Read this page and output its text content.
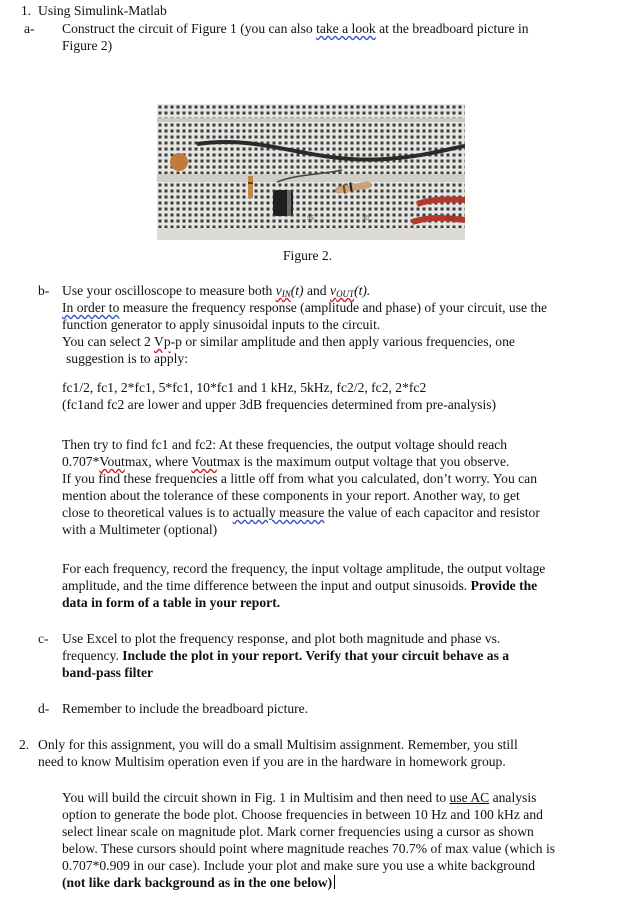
1. Using Simulink-Matlab
a- Construct the circuit of Figure 1 (you can also take a look at the breadboard picture in
Figure 2)
35	30	25
Figure 2.
b- Use your oscilloscope to measure both $v_{IN}(t)$ and $v_{OUT}(t)$.
In order to measure the frequency response (amplitude and phase) of your circuit, use the
function generator to apply sinusoidal inputs to the circuit.
You can select 2 Vp-p or similar amplitude and then apply various frequencies, one
suggestion is to apply:
fc1/2, fc1, 2*fc1, 5*fc1, 10*fc1 and 1 kHz, 5kHz, fc2/2, fc2, 2*fc2
(fc1and fc2 are lower and upper 3dB frequencies determined from pre-analysis)
Then try to find fc1 and fc2: At these frequencies, the output voltage should reach
0.707*Voutmax, where Voutmax is the maximum output voltage that you observe.
If you find these frequencies a little off from what you calculated, don’t worry. You can
mention about the tolerance of these components in your report. Another way, to get
close to theoretical values is to actually measure the value of each capacitor and resistor
with a Multimeter (optional)
For each frequency, record the frequency, the input voltage amplitude, the output voltage
amplitude, and the time difference between the input and output sinusoids. Provide the
data in form of a table in your report.
c- Use Excel to plot the frequency response, and plot both magnitude and phase vs.
frequency. Include the plot in your report. Verify that your circuit behave as a
band-pass filter
d- Remember to include the breadboard picture.
2. Only for this assignment, you will do a small Multisim assignment. Remember, you still
need to know Multisim operation even if you are in the hardware in homework group.
You will build the circuit shown in Fig. 1 in Multisim and then need to use AC analysis
option to generate the bode plot. Choose frequencies in between 10 Hz and 100 kHz and
select linear scale on magnitude plot. Mark corner frequencies using a cursor as shown
below. These cursors should point where magnitude reaches 70.7% of max value (which is
0.707*0.909 in our case). Include your plot and make sure you use a white background
(not like dark background as in the one below)
